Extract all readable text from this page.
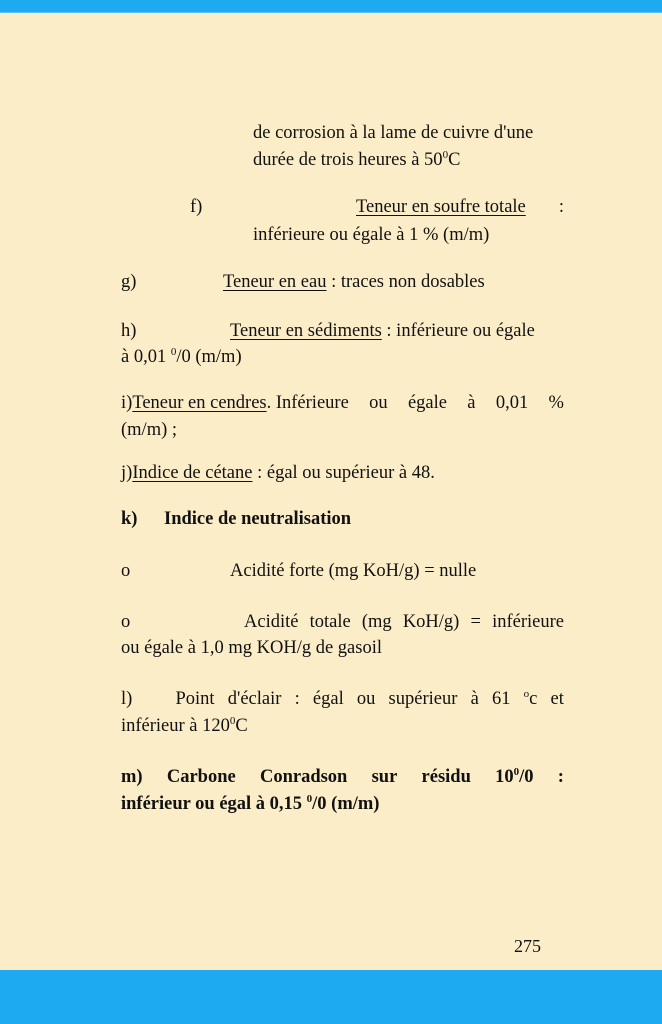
de corrosion à la lame de cuivre d'une
durée de trois heures à $50^0C$
f)	Teneur en soufre totale :
inférieure ou égale à 1 % (m/m)
g)	Teneur en eau : traces non dosables
h)	Teneur en sédiments : inférieure ou égale
à 0,01 $^0$/0 (m/m)
i)Teneur en cendres. Inférieure ou égale à 0,01 %
(m/m) ;
j)Indice de cétane : égal ou supérieur à 48.
k) Indice de neutralisation
o	Acidité forte (mg KoH/g) = nulle
o	Acidité totale (mg KoH/g) = inférieure
ou égale à 1,0 mg KOH/g de gasoil
l) Point d'éclair : égal ou supérieur à 61 $^o$c et
inférieur à $120^0C$
m) Carbone Conradson sur résidu $10^0/0$ :
inférieur ou égal à 0,15 $^0$/0 (m/m)
275
